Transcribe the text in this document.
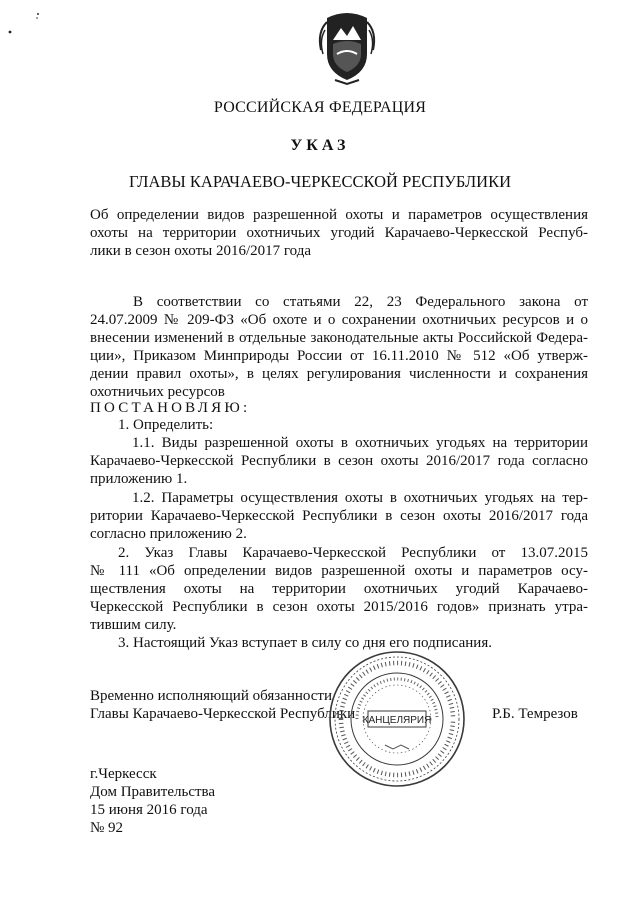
РОССИЙСКАЯ ФЕДЕРАЦИЯ
УКАЗ
ГЛАВЫ КАРАЧАЕВО-ЧЕРКЕССКОЙ РЕСПУБЛИКИ
Об определении видов разрешенной охоты и параметров осуществления
охоты на территории охотничьих угодий Карачаево-Черкесской Респуб-
лики в сезон охоты 2016/2017 года
В соответствии со статьями 22, 23 Федерального закона от
24.07.2009 № 209-ФЗ «Об охоте и о сохранении охотничьих ресурсов и о
внесении изменений в отдельные законодательные акты Российской Федера-
ции», Приказом Минприроды России от 16.11.2010 № 512 «Об утверж-
дении правил охоты», в целях регулирования численности и сохранения
охотничьих ресурсов
ПОСТАНОВЛЯЮ:
1. Определить:
1.1. Виды разрешенной охоты в охотничьих угодьях на территории
Карачаево-Черкесской Республики в сезон охоты 2016/2017 года согласно
приложению 1.
1.2. Параметры осуществления охоты в охотничьих угодьях на тер-
ритории Карачаево-Черкесской Республики в сезон охоты 2016/2017 года
согласно приложению 2.
2. Указ Главы Карачаево-Черкесской Республики от 13.07.2015
№ 111 «Об определении видов разрешенной охоты и параметров осу-
ществления охоты на территории охотничьих угодий Карачаево-
Черкесской Республики в сезон охоты 2015/2016 годов» признать утра-
тившим силу.
3. Настоящий Указ вступает в силу со дня его подписания.
Временно исполняющий обязанности
Главы Карачаево-Черкесской Республики	Р.Б. Темрезов
КАНЦЕЛЯРИЯ
г.Черкесск
Дом Правительства
15 июня 2016 года
№ 92
